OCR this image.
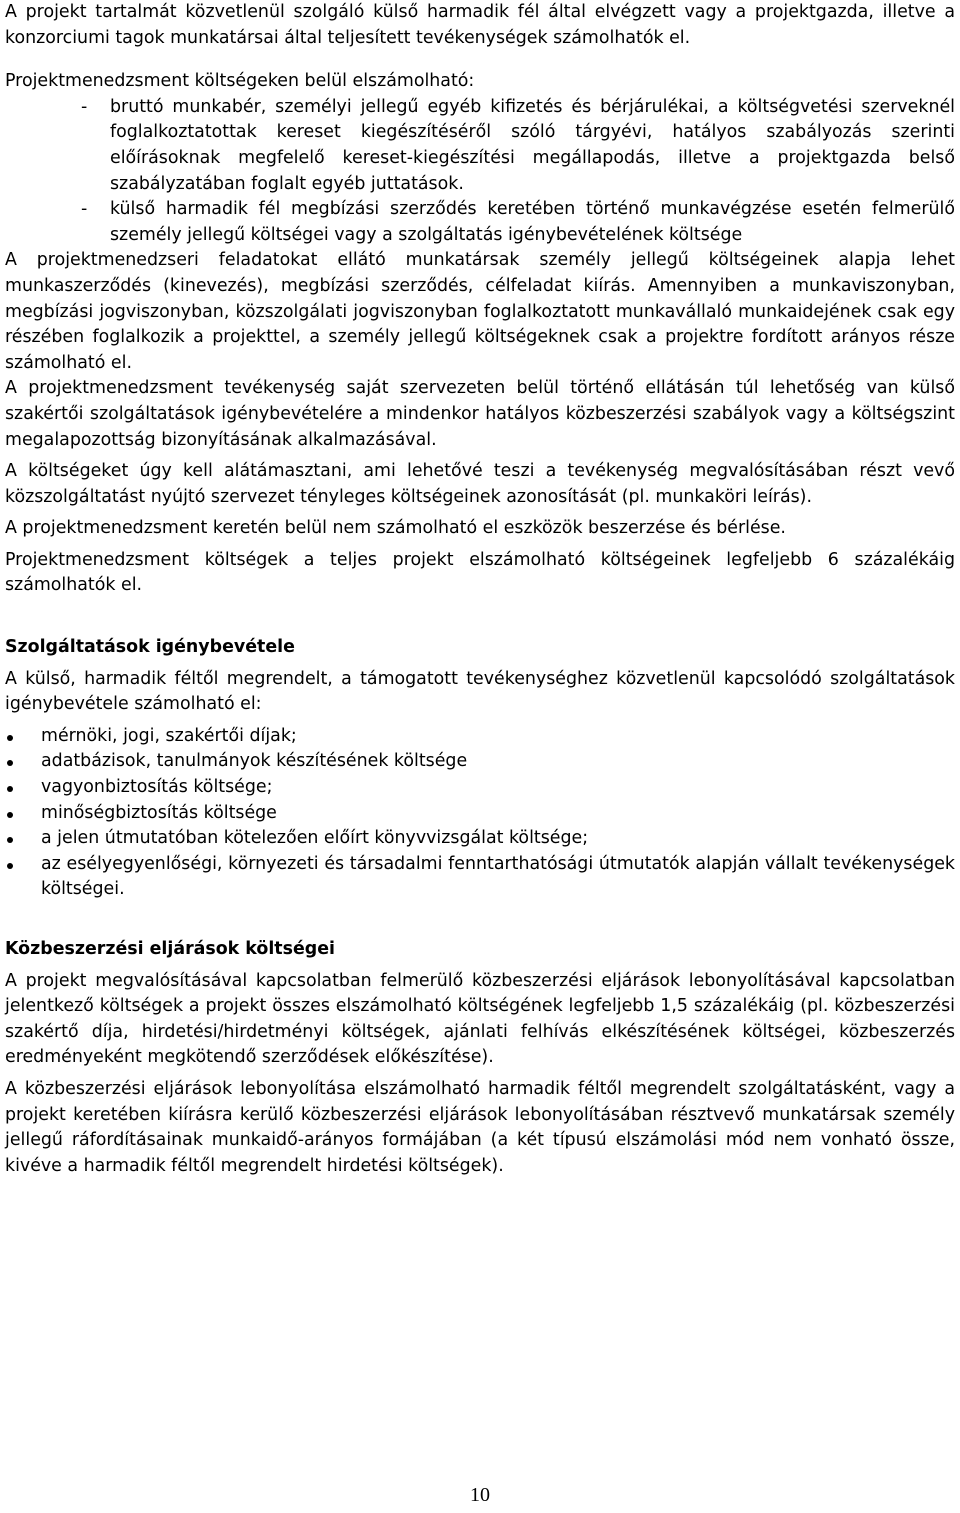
A projekt tartalmát közvetlenül szolgáló külső harmadik fél által elvégzett vagy a projektgazda, illetve a konzorciumi tagok munkatársai által teljesített tevékenységek számolhatók el.

Projektmenedzsment költségeken belül elszámolható:

- bruttó munkabér, személyi jellegű egyéb kifizetés és bérjárulékai, a költségvetési szerveknél foglalkoztatottak kereset kiegészítéséről szóló tárgyévi, hatályos szabályozás szerinti előírásoknak megfelelő kereset-kiegészítési megállapodás, illetve a projektgazda belső szabályzatában foglalt egyéb juttatások.
- külső harmadik fél megbízási szerződés keretében történő munkavégzése esetén felmerülő személy jellegű költségei vagy a szolgáltatás igénybevételének költsége

A projektmenedzseri feladatokat ellátó munkatársak személy jellegű költségeinek alapja lehet munkaszerződés (kinevezés), megbízási szerződés, célfeladat kiírás. Amennyiben a munkaviszonyban, megbízási jogviszonyban, közszolgálati jogviszonyban foglalkoztatott munkavállaló munkaidejének csak egy részében foglalkozik a projekttel, a személy jellegű költségeknek csak a projektre fordított arányos része számolható el.

A projektmenedzsment tevékenység saját szervezeten belül történő ellátásán túl lehetőség van külső szakértői szolgáltatások igénybevételére a mindenkor hatályos közbeszerzési szabályok vagy a költségszint megalapozottság bizonyításának alkalmazásával.

A költségeket úgy kell alátámasztani, ami lehetővé teszi a tevékenység megvalósításában részt vevő közszolgáltatást nyújtó szervezet tényleges költségeinek azonosítását (pl. munkaköri leírás).

A projektmenedzsment keretén belül nem számolható el eszközök beszerzése és bérlése.

Projektmenedzsment költségek a teljes projekt elszámolható költségeinek legfeljebb 6 százalékáig számolhatók el.

Szolgáltatások igénybevétele

A külső, harmadik féltől megrendelt, a támogatott tevékenységhez közvetlenül kapcsolódó szolgáltatások igénybevétele számolható el:

mérnöki, jogi, szakértői díjak;
adatbázisok, tanulmányok készítésének költsége
vagyonbiztosítás költsége;
minőségbiztosítás költsége
a jelen útmutatóban kötelezően előírt könyvvizsgálat költsége;
az esélyegyenlőségi, környezeti és társadalmi fenntarthatósági útmutatók alapján vállalt tevékenységek költségei.

Közbeszerzési eljárások költségei

A projekt megvalósításával kapcsolatban felmerülő közbeszerzési eljárások lebonyolításával kapcsolatban jelentkező költségek a projekt összes elszámolható költségének legfeljebb 1,5 százalékáig (pl. közbeszerzési szakértő díja, hirdetési/hirdetményi költségek, ajánlati felhívás elkészítésének költségei, közbeszerzés eredményeként megkötendő szerződések előkészítése).

A közbeszerzési eljárások lebonyolítása elszámolható harmadik féltől megrendelt szolgáltatásként, vagy a projekt keretében kiírásra kerülő közbeszerzési eljárások lebonyolításában résztvevő munkatársak személy jellegű ráfordításainak munkaidő-arányos formájában (a két típusú elszámolási mód nem vonható össze, kivéve a harmadik féltől megrendelt hirdetési költségek).

10
